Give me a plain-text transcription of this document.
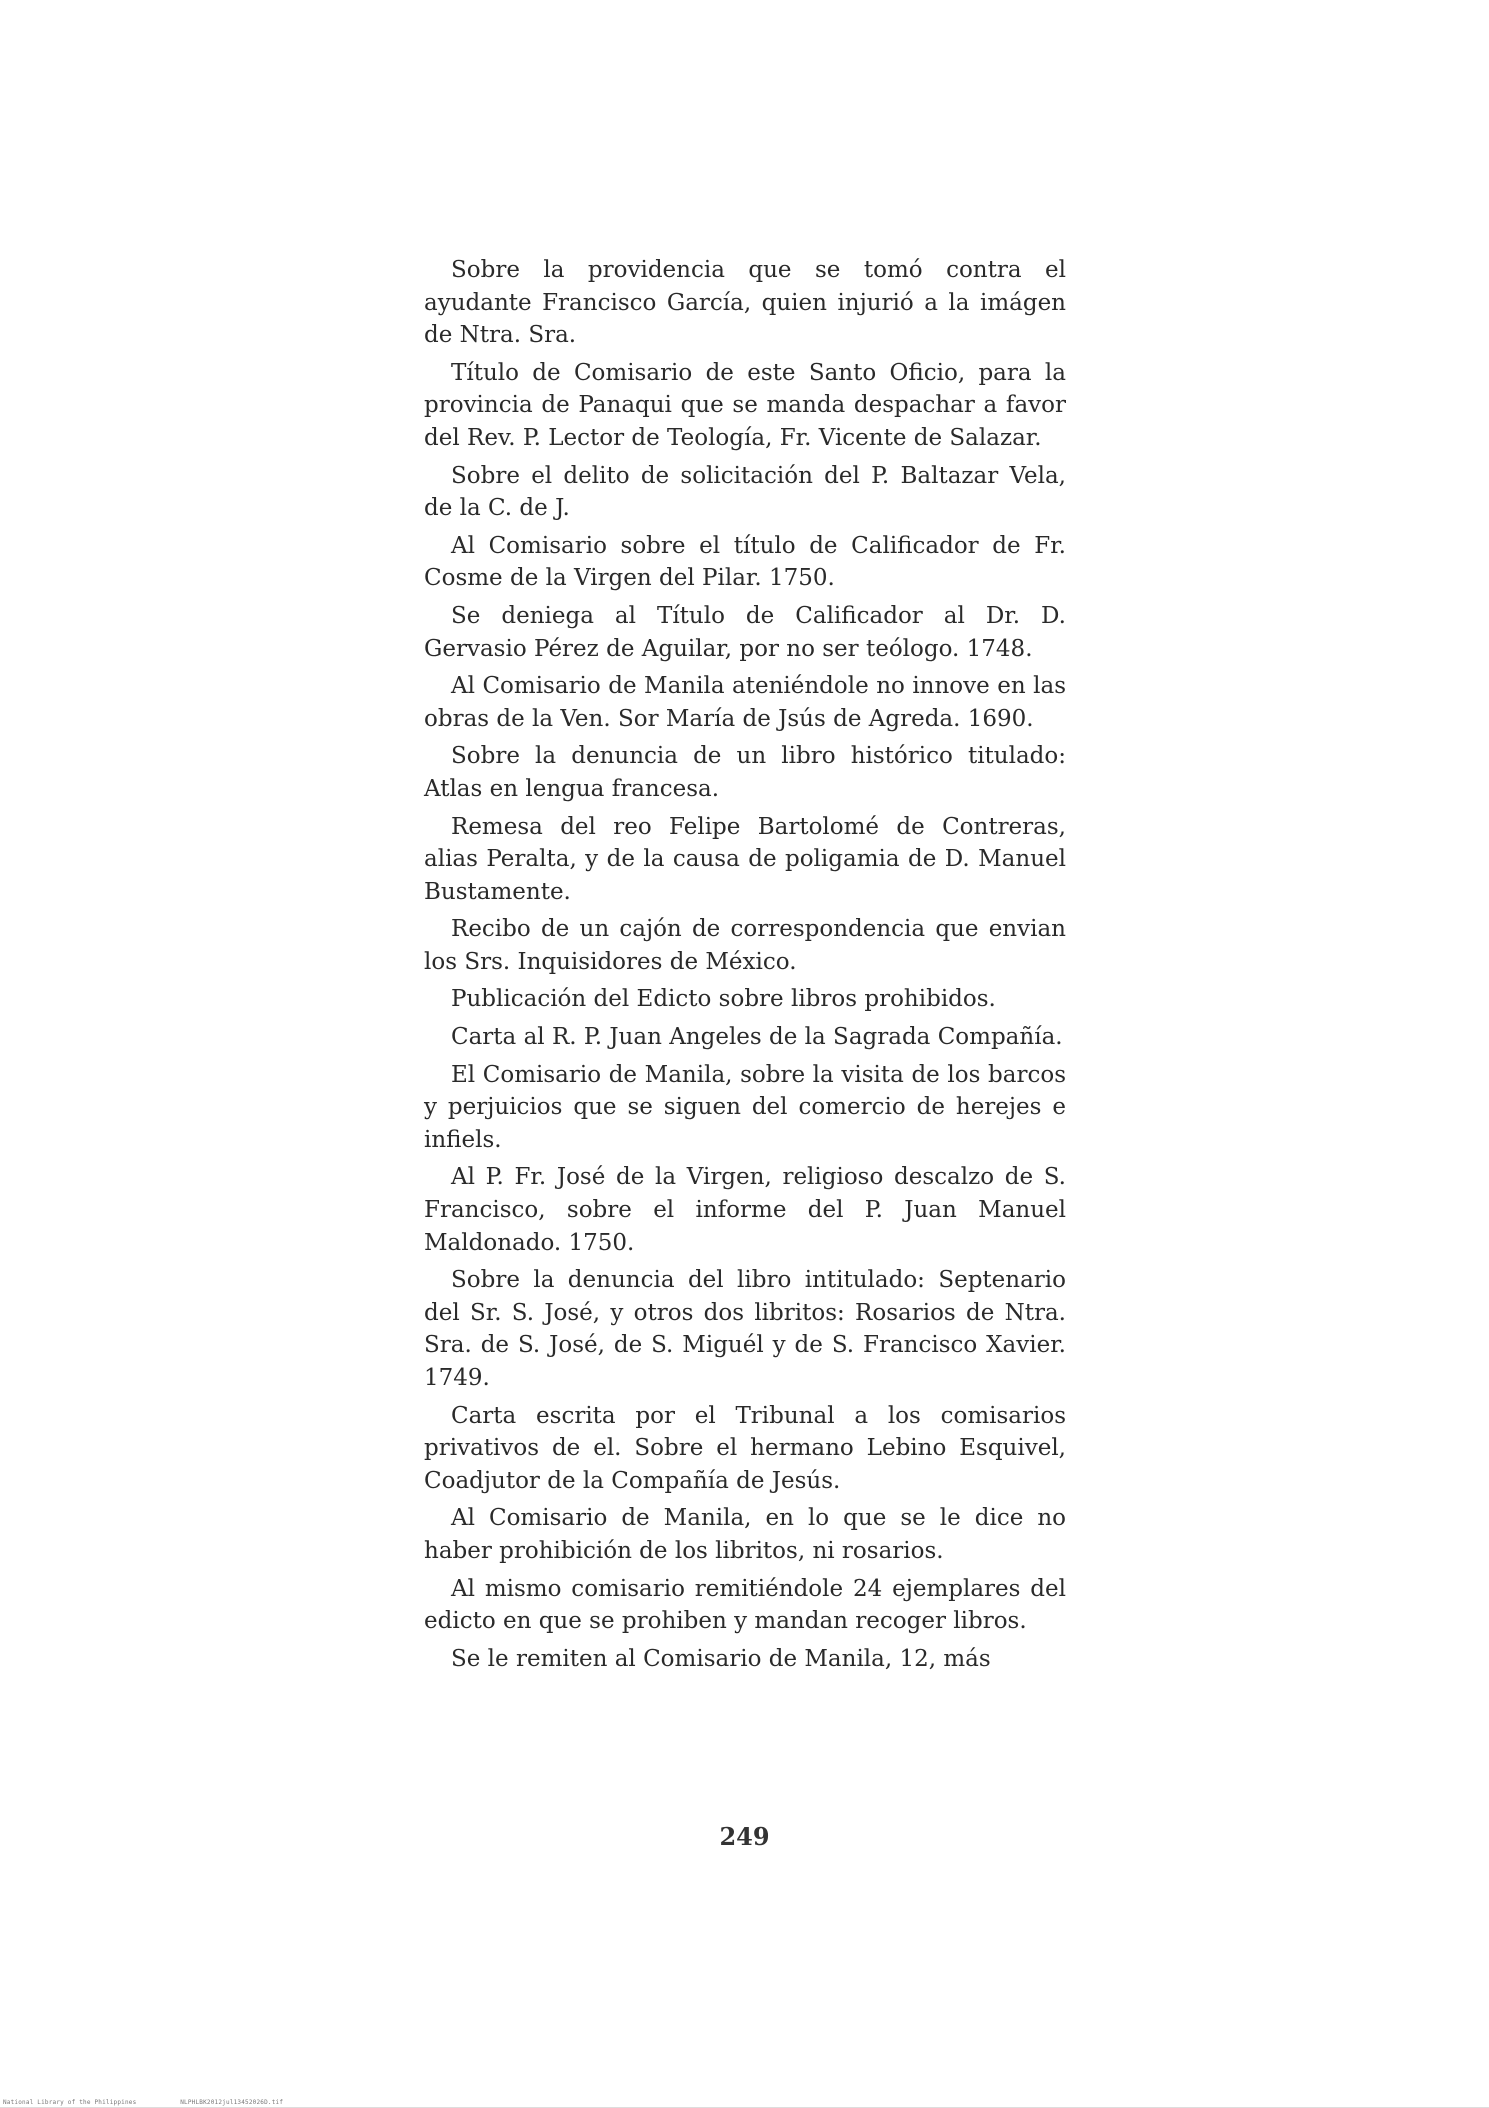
Sobre la providencia que se tomó contra el ayudante Francisco García, quien injurió a la imágen de Ntra. Sra.

Título de Comisario de este Santo Oficio, para la provincia de Panaqui que se manda despachar a favor del Rev. P. Lector de Teología, Fr. Vicente de Salazar.

Sobre el delito de solicitación del P. Baltazar Vela, de la C. de J.

Al Comisario sobre el título de Calificador de Fr. Cosme de la Virgen del Pilar. 1750.

Se deniega al Título de Calificador al Dr. D. Gervasio Pérez de Aguilar, por no ser teólogo. 1748.

Al Comisario de Manila ateniéndole no innove en las obras de la Ven. Sor María de Jsús de Agreda. 1690.

Sobre la denuncia de un libro histórico titulado: Atlas en lengua francesa.

Remesa del reo Felipe Bartolomé de Contreras, alias Peralta, y de la causa de poligamia de D. Manuel Bustamente.

Recibo de un cajón de correspondencia que envian los Srs. Inquisidores de México.

Publicación del Edicto sobre libros prohibidos.

Carta al R. P. Juan Angeles de la Sagrada Compañía.

El Comisario de Manila, sobre la visita de los barcos y perjuicios que se siguen del comercio de herejes e infiels.

Al P. Fr. José de la Virgen, religioso descalzo de S. Francisco, sobre el informe del P. Juan Manuel Maldonado. 1750.

Sobre la denuncia del libro intitulado: Septenario del Sr. S. José, y otros dos libritos: Rosarios de Ntra. Sra. de S. José, de S. Miguél y de S. Francisco Xavier. 1749.

Carta escrita por el Tribunal a los comisarios privativos de el. Sobre el hermano Lebino Esquivel, Coadjutor de la Compañía de Jesús.

Al Comisario de Manila, en lo que se le dice no haber prohibición de los libritos, ni rosarios.

Al mismo comisario remitiéndole 24 ejemplares del edicto en que se prohiben y mandan recoger libros.

Se le remiten al Comisario de Manila, 12, más

249
National Library of the Philippines	NLPHLBK2012jul13452026D.tif
